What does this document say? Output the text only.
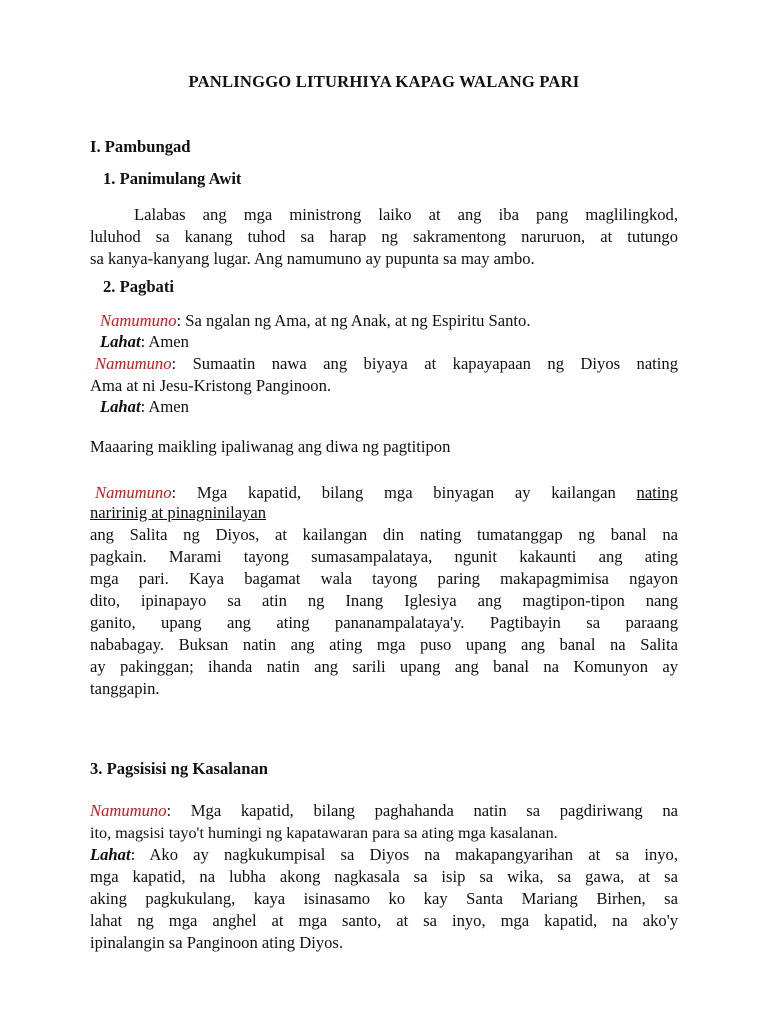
PANLINGGO LITURHIYA KAPAG WALANG PARI
I. Pambungad
1. Panimulang Awit
Lalabas ang mga ministrong laiko at ang iba pang maglilingkod,
luluhod sa kanang tuhod sa harap ng sakramentong naruruon, at tutungo
sa kanya-kanyang lugar. Ang namumuno ay pupunta sa may ambo.
2. Pagbati
Namumuno: Sa ngalan ng Ama, at ng Anak, at ng Espiritu Santo.
Lahat: Amen
Namumuno: Sumaatin nawa ang biyaya at kapayapaan ng Diyos nating
Ama at ni Jesu-Kristong Panginoon.
Lahat: Amen
Maaaring maikling ipaliwanag ang diwa ng pagtitipon
Namumuno: Mga kapatid, bilang mga binyagan ay kailangan nating
naririnig at pinagninilayan
ang Salita ng Diyos, at kailangan din nating tumatanggap ng banal na
pagkain. Marami tayong sumasampalataya, ngunit kakaunti ang ating
mga pari. Kaya bagamat wala tayong paring makapagmimisa ngayon
dito, ipinapayo sa atin ng Inang Iglesiya ang magtipon-tipon nang
ganito, upang ang ating pananampalataya'y. Pagtibayin sa paraang
nababagay. Buksan natin ang ating mga puso upang ang banal na Salita
ay pakinggan; ihanda natin ang sarili upang ang banal na Komunyon ay
tanggapin.
3. Pagsisisi ng Kasalanan
Namumuno: Mga kapatid, bilang paghahanda natin sa pagdiriwang na
ito, magsisi tayo't humingi ng kapatawaran para sa ating mga kasalanan.
Lahat: Ako ay nagkukumpisal sa Diyos na makapangyarihan at sa inyo,
mga kapatid, na lubha akong nagkasala sa isip sa wika, sa gawa, at sa
aking pagkukulang, kaya isinasamo ko kay Santa Mariang Birhen, sa
lahat ng mga anghel at mga santo, at sa inyo, mga kapatid, na ako'y
ipinalangin sa Panginoon ating Diyos.
